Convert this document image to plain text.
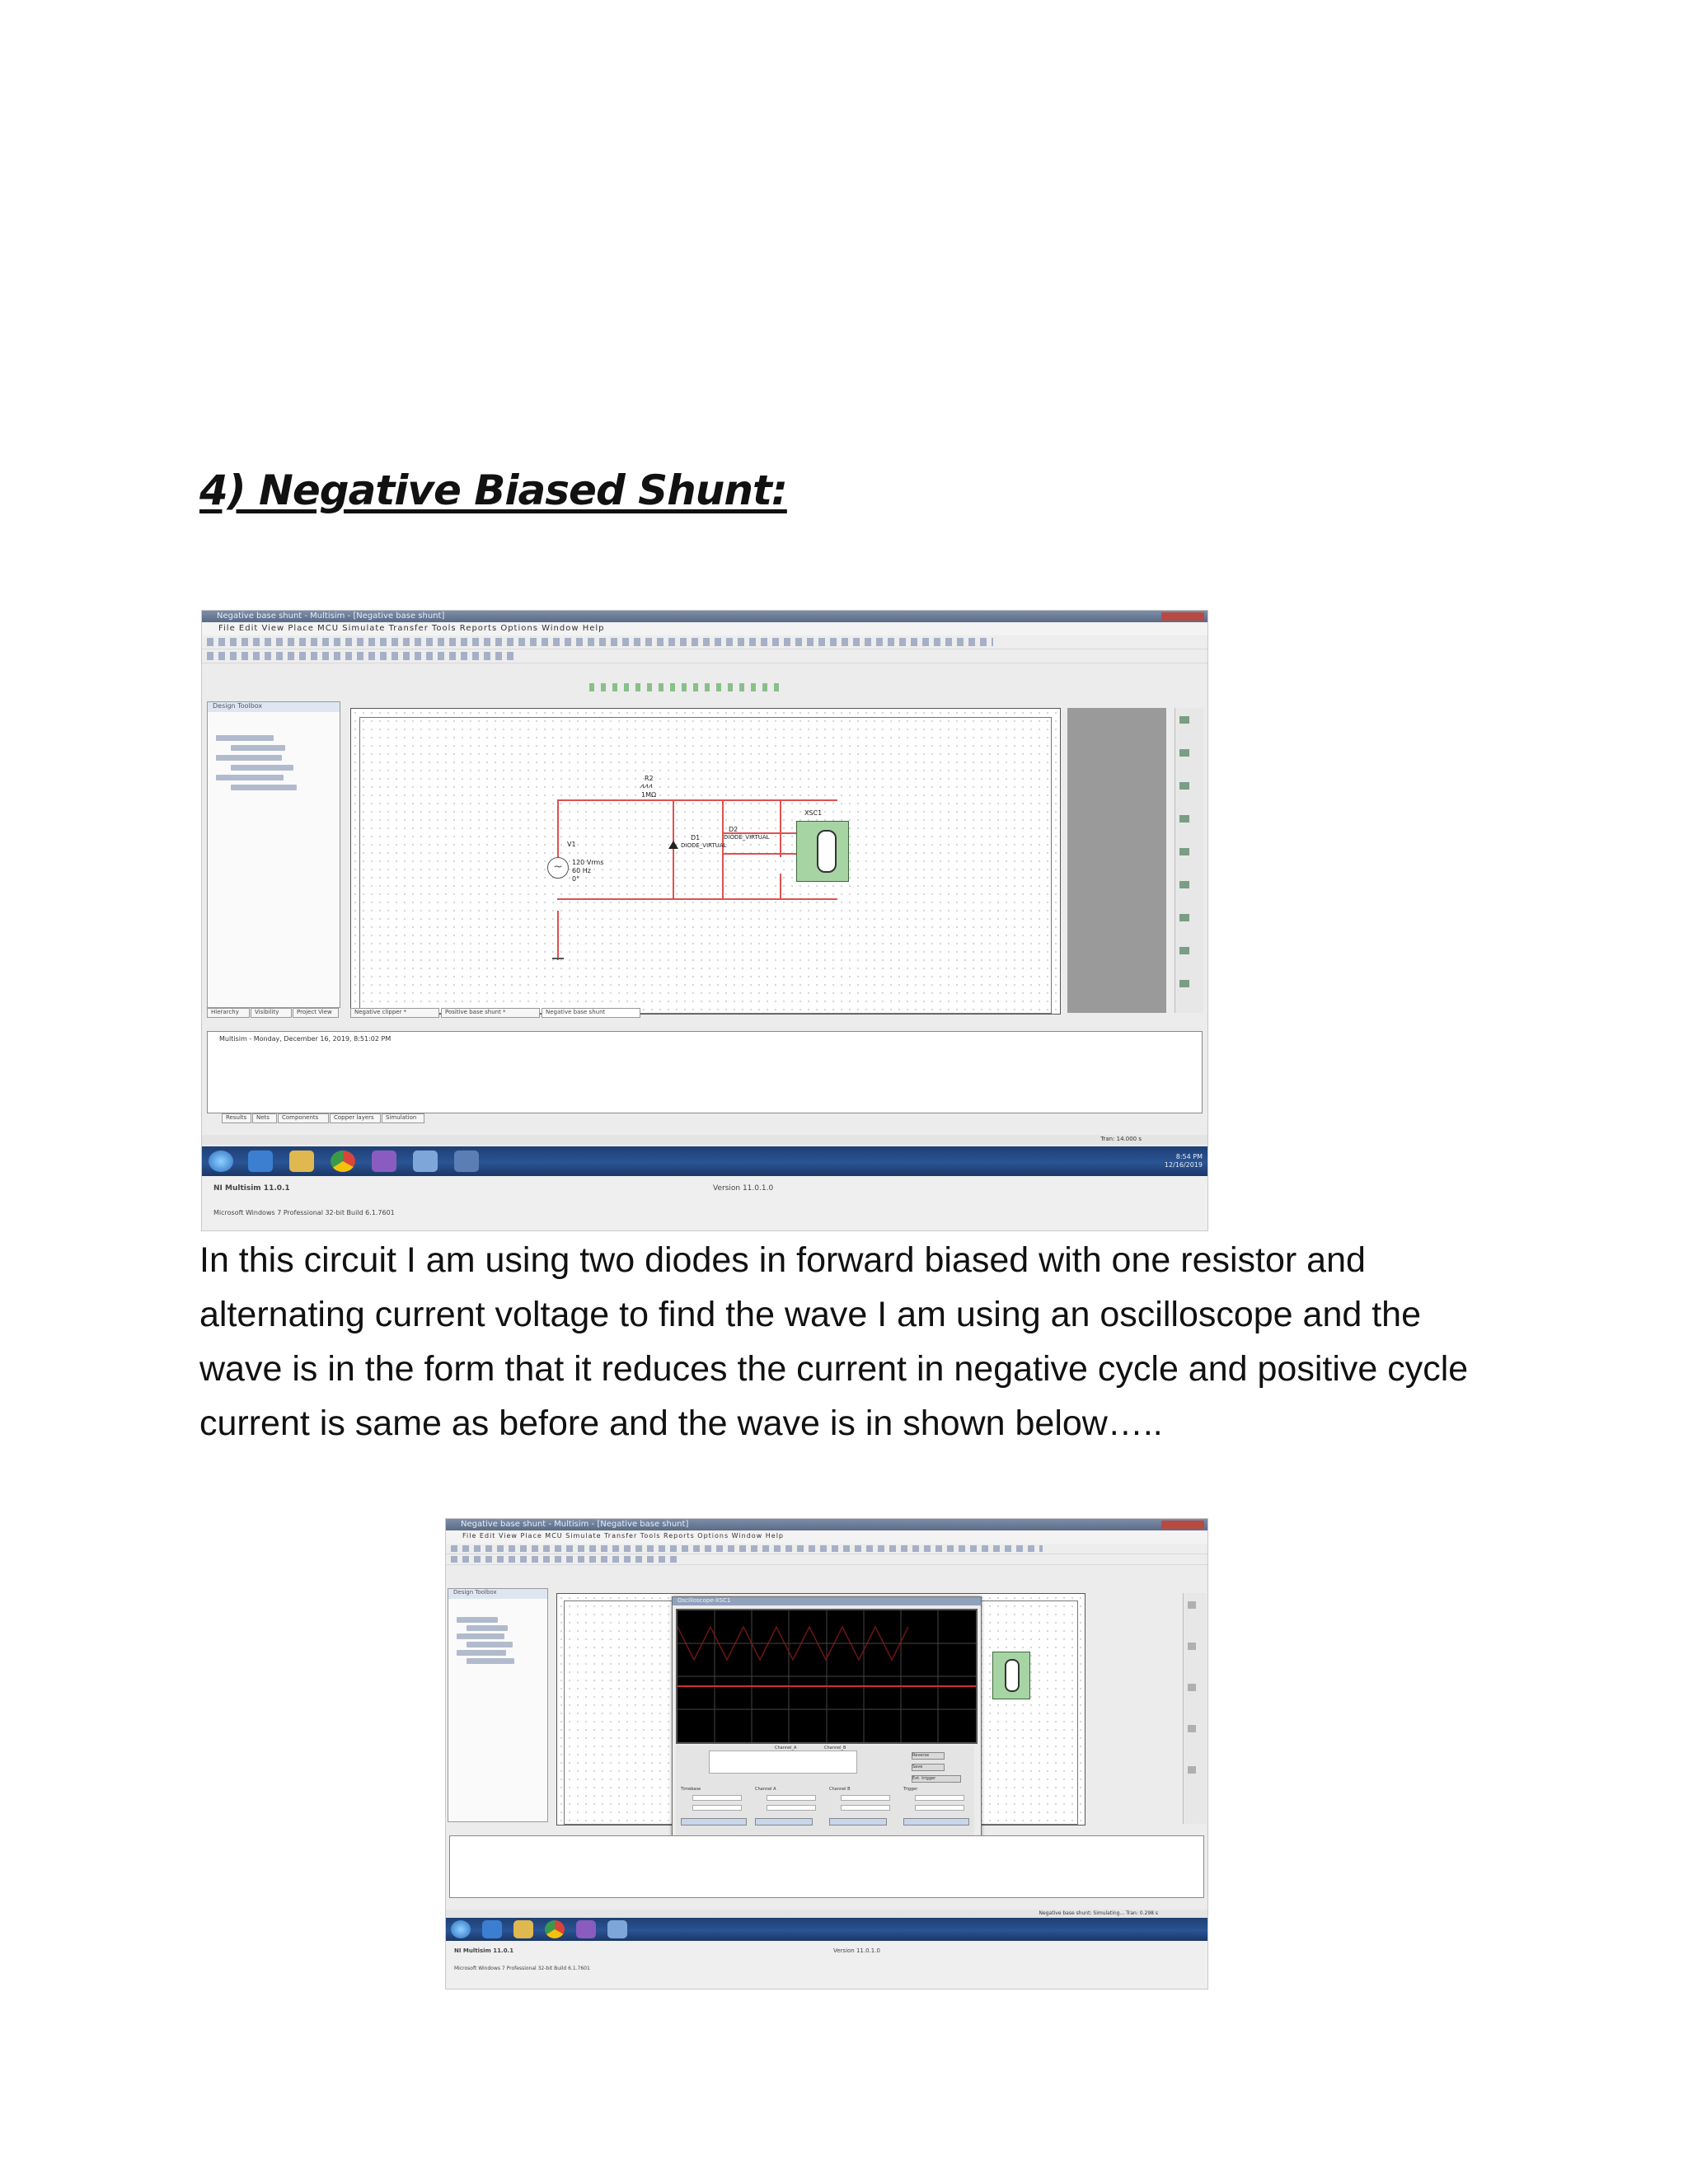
4) Negative Biased Shunt:
Negative base shunt - Multisim - [Negative base shunt]
File Edit View Place MCU Simulate Transfer Tools Reports Options Window Help
Design Toolbox
R2
⩘⩘⩘
1MΩ
V1
~	120 Vrms
60 Hz
0°
D1
DIODE_VIRTUAL
D2
DIODE_VIRTUAL
XSC1
Hierarchy	Visibility	Project View	Negative clipper *	Positive base shunt *	Negative base shunt
Multisim - Monday, December 16, 2019, 8:51:02 PM
Results	Nets	Components	Copper layers	Simulation
Tran: 14.000 s
8:54 PM
12/16/2019
NI Multisim 11.0.1	Version 11.0.1.0
Microsoft Windows 7 Professional 32-bit Build 6.1.7601
In this circuit I am using two diodes in forward biased with one resistor and
alternating current voltage to find the wave I am using an oscilloscope and the
wave is in the form that it reduces the current in negative cycle and positive cycle
current is same as before and the wave is in shown below…..
Negative base shunt - Multisim - [Negative base shunt]
File Edit View Place MCU Simulate Transfer Tools Reports Options Window Help
Design Toolbox
Oscilloscope-XSC1
Channel_A	Channel_B
Reverse
Save
Ext. trigger
Timebase	Channel A	Channel B	Trigger
Negative base shunt: Simulating... Tran: 0.298 s
NI Multisim 11.0.1	Version 11.0.1.0
Microsoft Windows 7 Professional 32-bit Build 6.1.7601
